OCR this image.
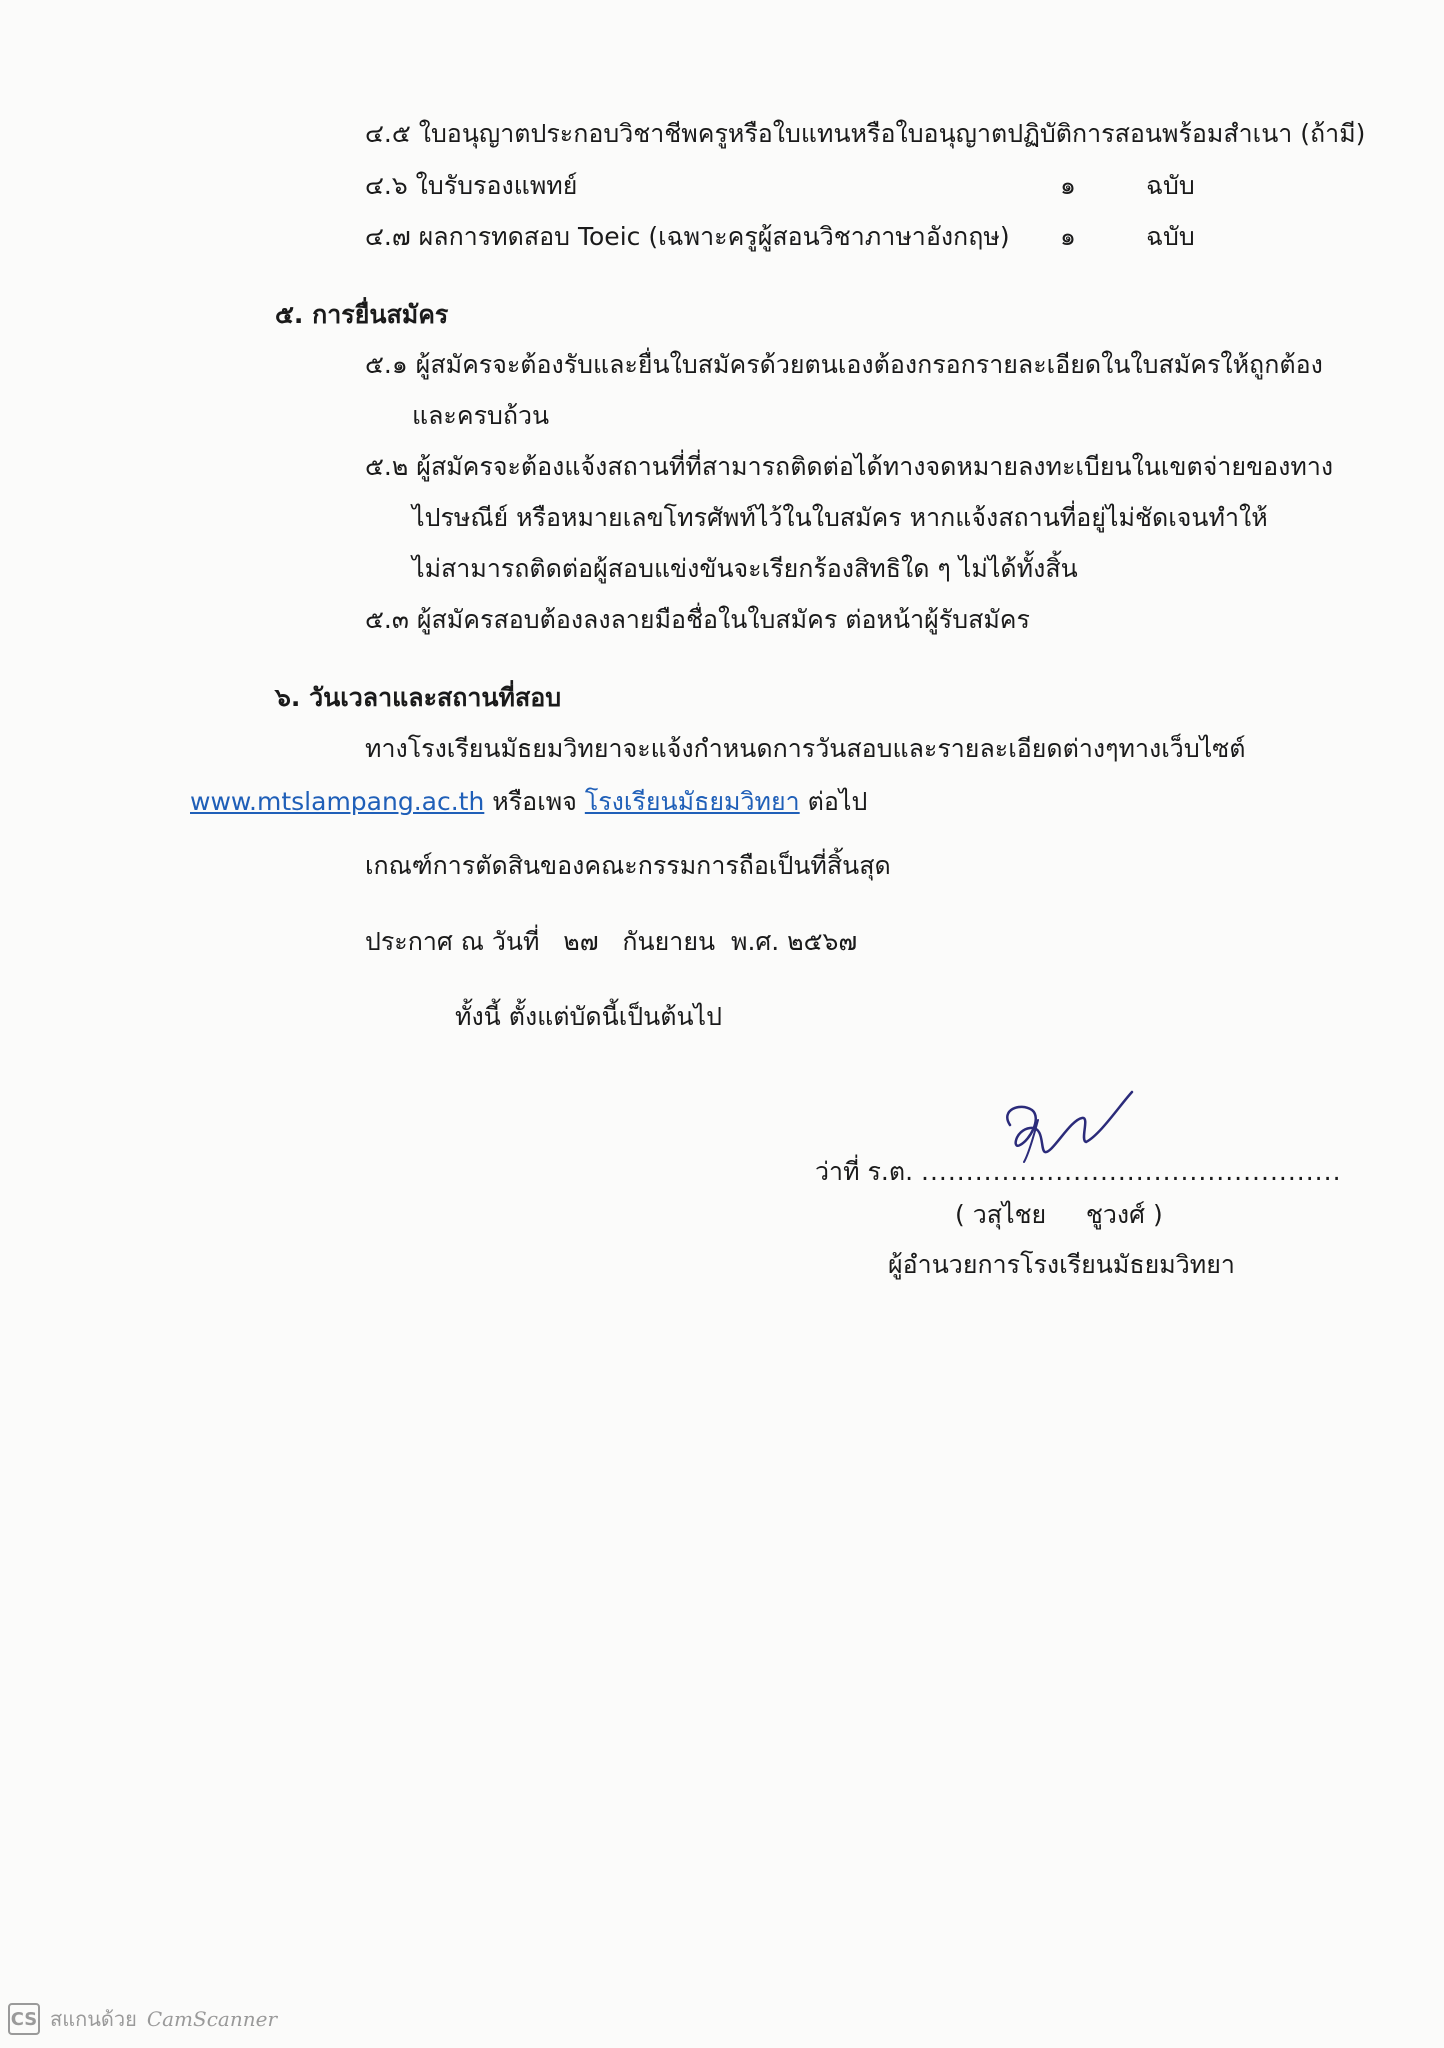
๔.๕ ใบอนุญาตประกอบวิชาชีพครูหรือใบแทนหรือใบอนุญาตปฏิบัติการสอนพร้อมสำเนา (ถ้ามี)
๔.๖ ใบรับรองแพทย์	๑	ฉบับ
๔.๗ ผลการทดสอบ Toeic (เฉพาะครูผู้สอนวิชาภาษาอังกฤษ) ๑	ฉบับ
๕. การยื่นสมัคร
๕.๑ ผู้สมัครจะต้องรับและยื่นใบสมัครด้วยตนเองต้องกรอกรายละเอียดในใบสมัครให้ถูกต้อง
และครบถ้วน
๕.๒ ผู้สมัครจะต้องแจ้งสถานที่ที่สามารถติดต่อได้ทางจดหมายลงทะเบียนในเขตจ่ายของทาง
ไปรษณีย์ หรือหมายเลขโทรศัพท์ไว้ในใบสมัคร หากแจ้งสถานที่อยู่ไม่ชัดเจนทำให้
ไม่สามารถติดต่อผู้สอบแข่งขันจะเรียกร้องสิทธิใด ๆ ไม่ได้ทั้งสิ้น
๕.๓ ผู้สมัครสอบต้องลงลายมือชื่อในใบสมัคร ต่อหน้าผู้รับสมัคร
๖. วันเวลาและสถานที่สอบ
ทางโรงเรียนมัธยมวิทยาจะแจ้งกำหนดการวันสอบและรายละเอียดต่างๆทางเว็บไซต์
www.mtslampang.ac.th หรือเพจ โรงเรียนมัธยมวิทยา ต่อไป
เกณฑ์การตัดสินของคณะกรรมการถือเป็นที่สิ้นสุด
ประกาศ ณ วันที่   ๒๗   กันยายน  พ.ศ. ๒๕๖๗
ทั้งนี้ ตั้งแต่บัดนี้เป็นต้นไป
ว่าที่ ร.ต. ...............................................
( วสุไชย     ชูวงศ์ )
ผู้อำนวยการโรงเรียนมัธยมวิทยา
CS สแกนด้วย CamScanner
